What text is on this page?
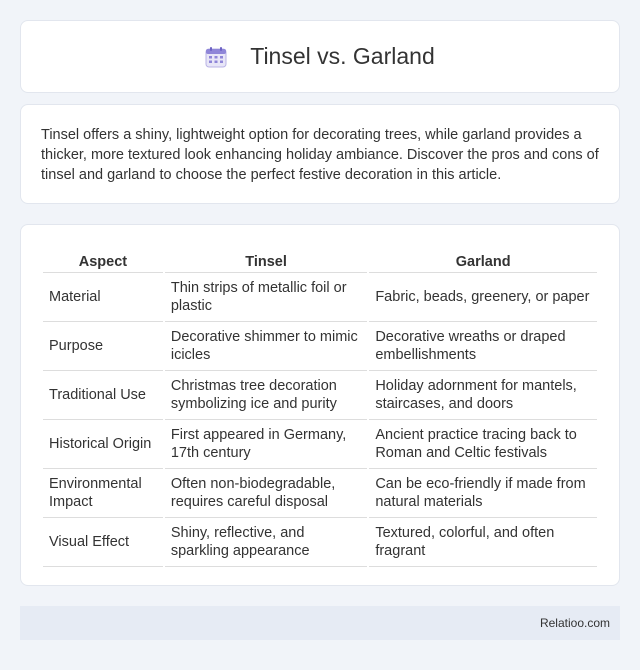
Tinsel vs. Garland

Tinsel offers a shiny, lightweight option for decorating trees, while garland provides a thicker, more textured look enhancing holiday ambiance. Discover the pros and cons of tinsel and garland to choose the perfect festive decoration in this article.

Aspect	Tinsel	Garland
Material	Thin strips of metallic foil or plastic	Fabric, beads, greenery, or paper
Purpose	Decorative shimmer to mimic icicles	Decorative wreaths or draped embellishments
Traditional Use	Christmas tree decoration symbolizing ice and purity	Holiday adornment for mantels, staircases, and doors
Historical Origin	First appeared in Germany, 17th century	Ancient practice tracing back to Roman and Celtic festivals
Environmental Impact	Often non-biodegradable, requires careful disposal	Can be eco-friendly if made from natural materials
Visual Effect	Shiny, reflective, and sparkling appearance	Textured, colorful, and often fragrant
Relatioo.com
